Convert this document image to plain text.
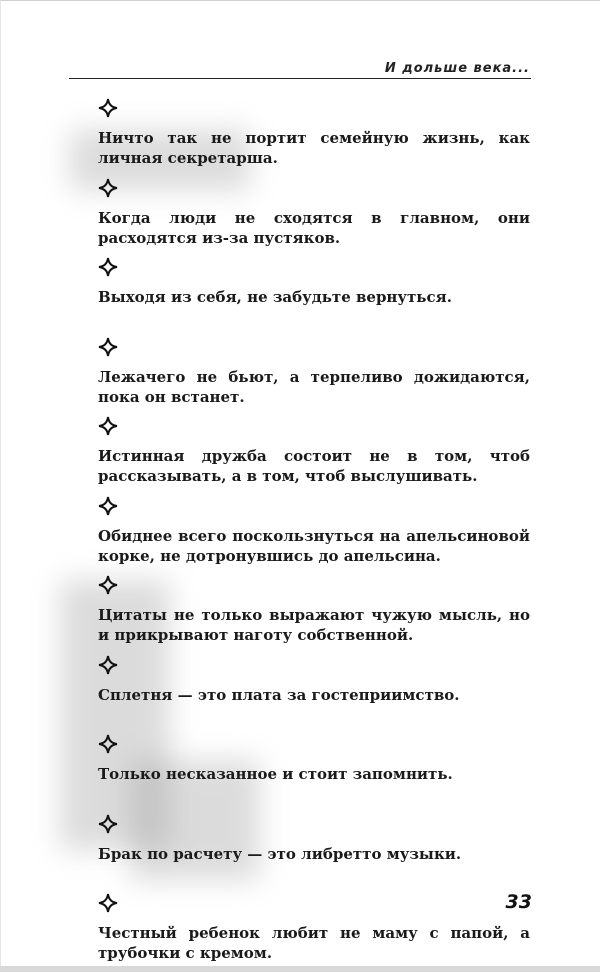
И дольше века...

Ничто так не портит семейную жизнь, как личная секретарша.

Когда люди не сходятся в главном, они расходятся из-за пустяков.

Выходя из себя, не забудьте вернуться.

Лежачего не бьют, а терпеливо дожидаются, пока он встанет.

Истинная дружба состоит не в том, чтоб рассказывать, а в том, чтоб выслушивать.

Обиднее всего поскользнуться на апельсиновой корке, не дотронувшись до апельсина.

Цитаты не только выражают чужую мысль, но и прикрывают наготу собственной.

Сплетня — это плата за гостеприимство.

Только несказанное и стоит запомнить.

Брак по расчету — это либретто музыки.

Честный ребенок любит не маму с папой, а трубочки с кремом.

33
